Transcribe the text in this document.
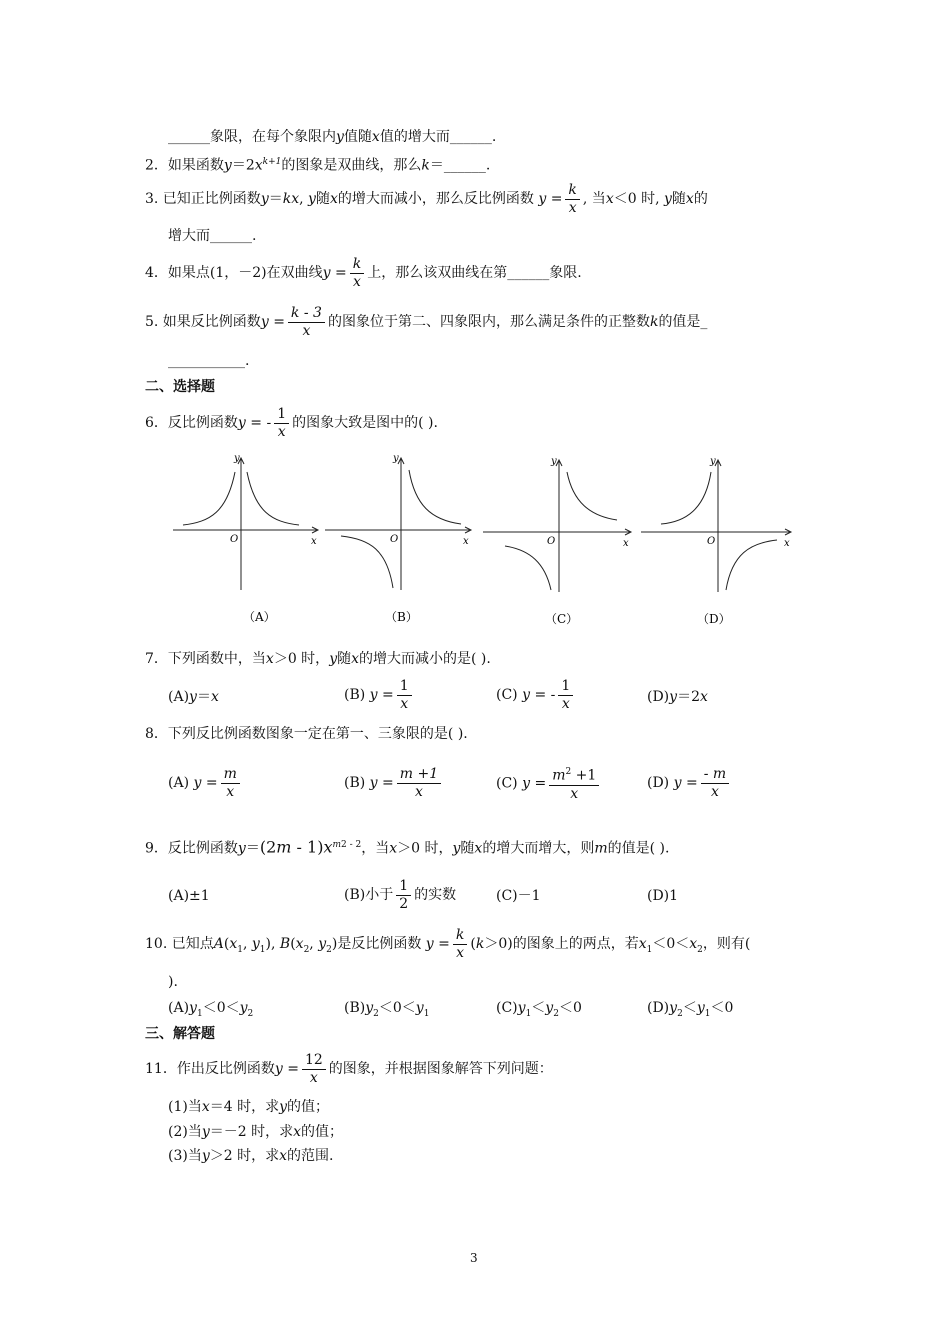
______象限，在每个象限内y值随x值的增大而______.
2．如果函数$y=2x^{k+1}$的图象是双曲线，那么k＝______.
3. 已知正比例函数y＝kx, y随x的增大而减小，那么反比例函数 $y = \frac{k}{x}$ , 当x＜0 时, y随x的
增大而______.
4．如果点(1，－2)在双曲线$y = \frac{k}{x}$ 上，那么该双曲线在第______象限.
5. 如果反比例函数$y = \frac{k - 3}{x}$ 的图象位于第二、四象限内，那么满足条件的正整数k的值是_
___________.
二、选择题
6．反比例函数y = - $\frac{1}{x}$ 的图象大致是图中的( ).
y
x
O
（A）
y
x
O
（B）
y
x
O
（C）
y
x
O
（D）
7．下列函数中，当x＞0 时，y随x的增大而减小的是( ).
(A)y＝x	(B) $y = \frac{1}{x}$	(C) y = - $\frac{1}{x}$	(D)y＝2x
8．下列反比例函数图象一定在第一、三象限的是( ).
(A) $y = \frac{m}{x}$	(B) $y = \frac{m +1}{x}$	(C) $y = \frac{m^2 +1}{x}$	(D) $y = \frac{- m}{x}$
9．反比例函数$y=(2m - 1)x^{m2 - 2}$，当x＞0 时，y随x的增大而增大，则m的值是( ).
(A)±1	(B)小于 $\frac{1}{2}$ 的实数	(C)－1	(D)1
10. 已知点$A(x_1$, $y_1$), $B(x_2$, $y_2$)是反比例函数 $y = \frac{k}{x} (k>0)$的图象上的两点，若$x_1<0<x_2$，则有(
).
$(A)y_1<0<y_2$	$(B)y_2<0<y_1$	$(C)y_1<y_2<0$	$(D)y_2<y_1<0$
三、解答题
11．作出反比例函数$y = \frac{12}{x}$ 的图象，并根据图象解答下列问题：
(1)当x＝4 时，求y的值；
(2)当y＝－2 时，求x的值；
(3)当y＞2 时，求x的范围.
3
